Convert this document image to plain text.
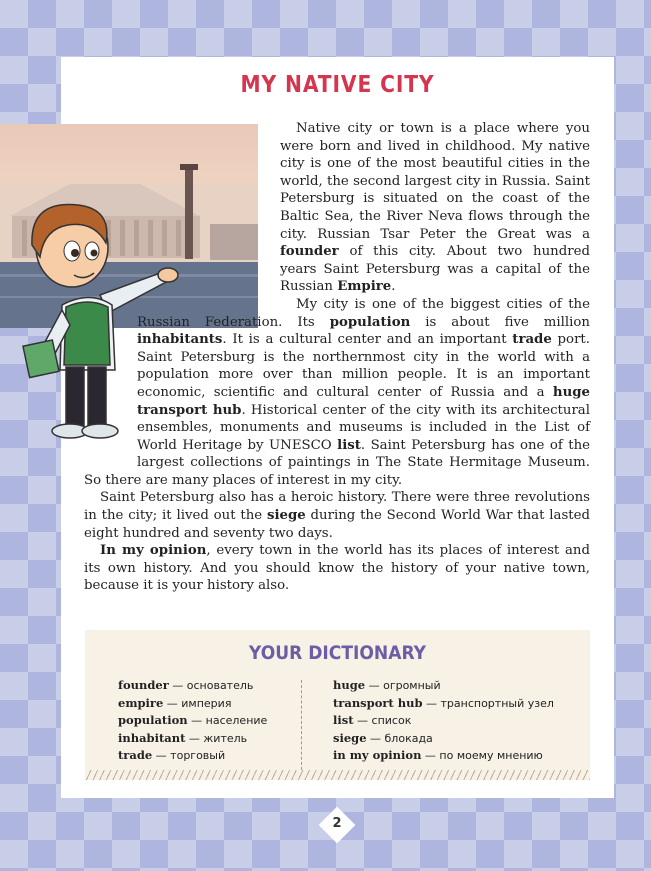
MY NATIVE CITY

Native city or town is a place where you were born and lived in childhood. My native city is one of the most beautiful cities in the world, the second largest city in Russia. Saint Petersburg is situated on the coast of the Baltic Sea, the River Neva flows through the city. Russian Tsar Peter the Great was a founder of this city. About two hundred years Saint Petersburg was a capital of the Russian Empire.

My city is one of the biggest cities of the Russian Federation. Its population is about five million inhabitants. It is a cultural center and an important trade port. Saint Petersburg is the northernmost city in the world with a population more over than million people. It is an important economic, scientific and cultural center of Russia and a huge transport hub. Historical center of the city with its architectural ensembles, monuments and museums is included in the List of World Heritage by UNESCO list. Saint Petersburg has one of the largest collections of paintings in The State Hermitage Museum. So there are many places of interest in my city.

Saint Petersburg also has a heroic history. There were three revolutions in the city; it lived out the siege during the Second World War that lasted eight hundred and seventy two days.

In my opinion, every town in the world has its places of interest and its own history. And you should know the history of your native town, because it is your history also.

YOUR DICTIONARY
founder — основатель
empire — империя
population — население
inhabitant — житель
trade — торговый
huge — огромный
transport hub — транспортный узел
list — список
siege — блокада
in my opinion — по моему мнению
2
